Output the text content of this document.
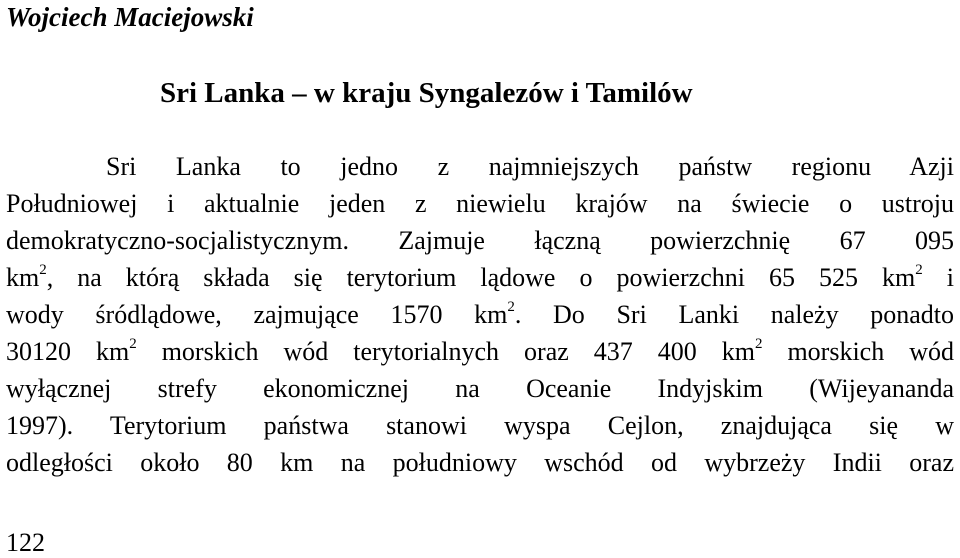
Wojciech Maciejowski
Sri Lanka – w kraju Syngalezów i Tamilów
Sri Lanka to jedno z najmniejszych państw regionu Azji
Południowej i aktualnie jeden z niewielu krajów na świecie o ustroju
demokratyczno-socjalistycznym. Zajmuje łączną powierzchnię 67 095
$km^2$, na którą składa się terytorium lądowe o powierzchni 65 525 $km^2$ i
wody śródlądowe, zajmujące 1570 $km^2$. Do Sri Lanki należy ponadto
30120 $km^2$ morskich wód terytorialnych oraz 437 400 $km^2$ morskich wód
wyłącznej strefy ekonomicznej na Oceanie Indyjskim (Wijeyananda
1997). Terytorium państwa stanowi wyspa Cejlon, znajdująca się w
odległości około 80 km na południowy wschód od wybrzeży Indii oraz
122
